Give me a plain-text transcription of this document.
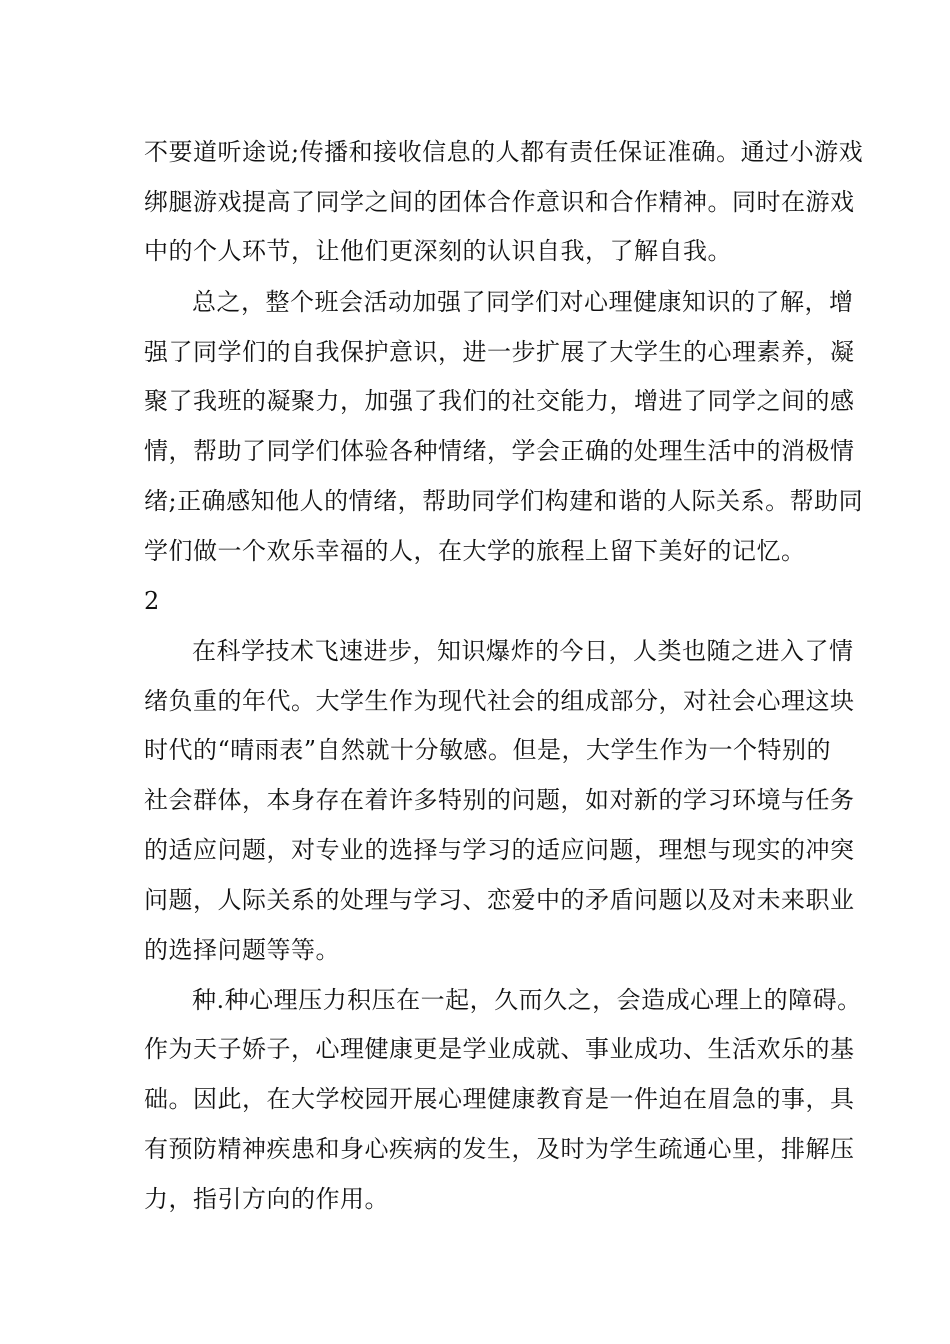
不要道听途说;传播和接收信息的人都有责任保证准确。通过小游戏
绑腿游戏提高了同学之间的团体合作意识和合作精神。同时在游戏
中的个人环节，让他们更深刻的认识自我，了解自我。
总之，整个班会活动加强了同学们对心理健康知识的了解，增
强了同学们的自我保护意识，进一步扩展了大学生的心理素养，凝
聚了我班的凝聚力，加强了我们的社交能力，增进了同学之间的感
情，帮助了同学们体验各种情绪，学会正确的处理生活中的消极情
绪;正确感知他人的情绪，帮助同学们构建和谐的人际关系。帮助同
学们做一个欢乐幸福的人，在大学的旅程上留下美好的记忆。
2
在科学技术飞速进步，知识爆炸的今日，人类也随之进入了情
绪负重的年代。大学生作为现代社会的组成部分，对社会心理这块
时代的“晴雨表”自然就十分敏感。但是，大学生作为一个特别的
社会群体，本身存在着许多特别的问题，如对新的学习环境与任务
的适应问题，对专业的选择与学习的适应问题，理想与现实的冲突
问题，人际关系的处理与学习、恋爱中的矛盾问题以及对未来职业
的选择问题等等。
种.种心理压力积压在一起，久而久之，会造成心理上的障碍。
作为天子娇子，心理健康更是学业成就、事业成功、生活欢乐的基
础。因此，在大学校园开展心理健康教育是一件迫在眉急的事，具
有预防精神疾患和身心疾病的发生，及时为学生疏通心里，排解压
力，指引方向的作用。
